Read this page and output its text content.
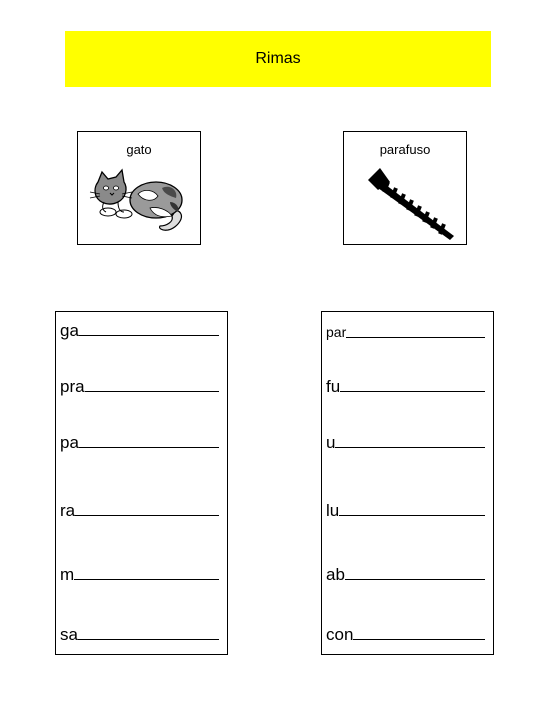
Rimas
gato	parafuso
ga
pra
pa
ra
m
sa
par
fu
u
lu
ab
con
